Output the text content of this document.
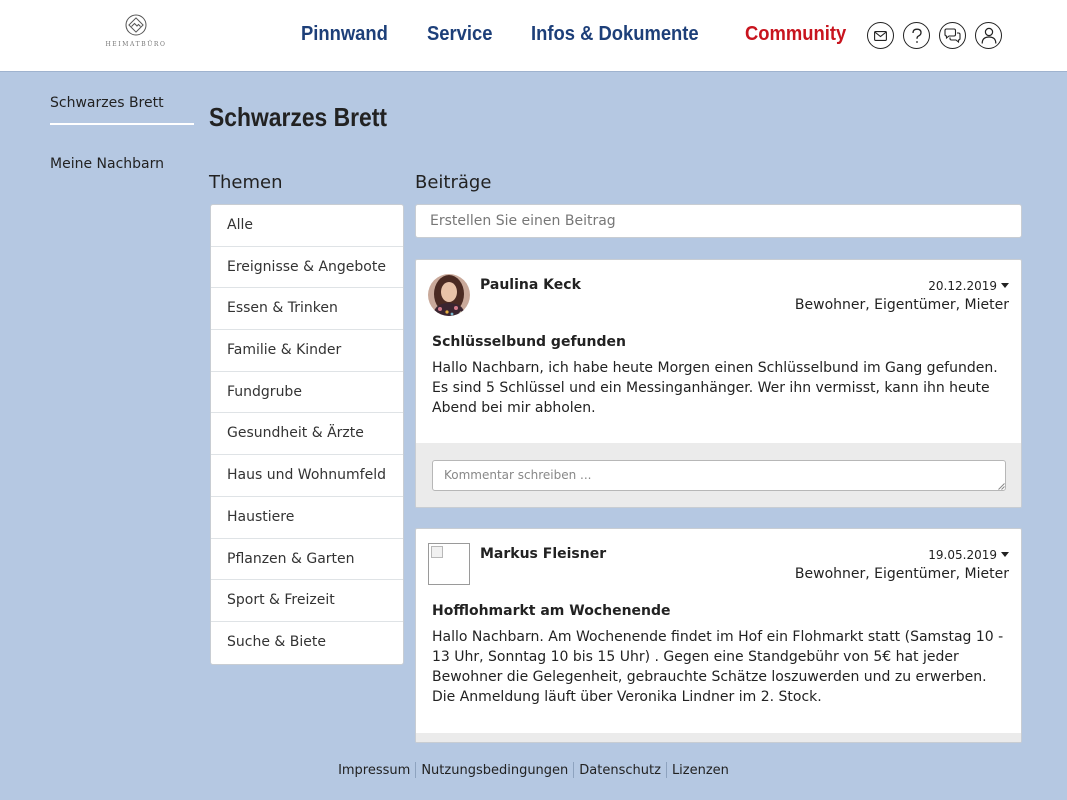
HEIMATBÜRO	Pinnwand Service Infos & Dokumente Community
Schwarzes Brett
Meine Nachbarn
Schwarzes Brett
Themen
Alle
Ereignisse & Angebote
Essen & Trinken
Familie & Kinder
Fundgrube
Gesundheit & Ärzte
Haus und Wohnumfeld
Haustiere
Pflanzen & Garten
Sport & Freizeit
Suche & Biete
Beiträge
Erstellen Sie einen Beitrag
Paulina Keck	20.12.2019
Bewohner, Eigentümer, Mieter
Schlüsselbund gefunden
Hallo Nachbarn, ich habe heute Morgen einen Schlüsselbund im Gang gefunden. Es sind 5 Schlüssel und ein Messinganhänger. Wer ihn vermisst, kann ihn heute Abend bei mir abholen.
Kommentar schreiben ...
Markus Fleisner	19.05.2019
Bewohner, Eigentümer, Mieter
Hofflohmarkt am Wochenende
Hallo Nachbarn. Am Wochenende findet im Hof ein Flohmarkt statt (Samstag 10 - 13 Uhr, Sonntag 10 bis 15 Uhr) . Gegen eine Standgebühr von 5€ hat jeder Bewohner die Gelegenheit, gebrauchte Schätze loszuwerden und zu erwerben. Die Anmeldung läuft über Veronika Lindner im 2. Stock.
Impressum Nutzungsbedingungen Datenschutz Lizenzen
